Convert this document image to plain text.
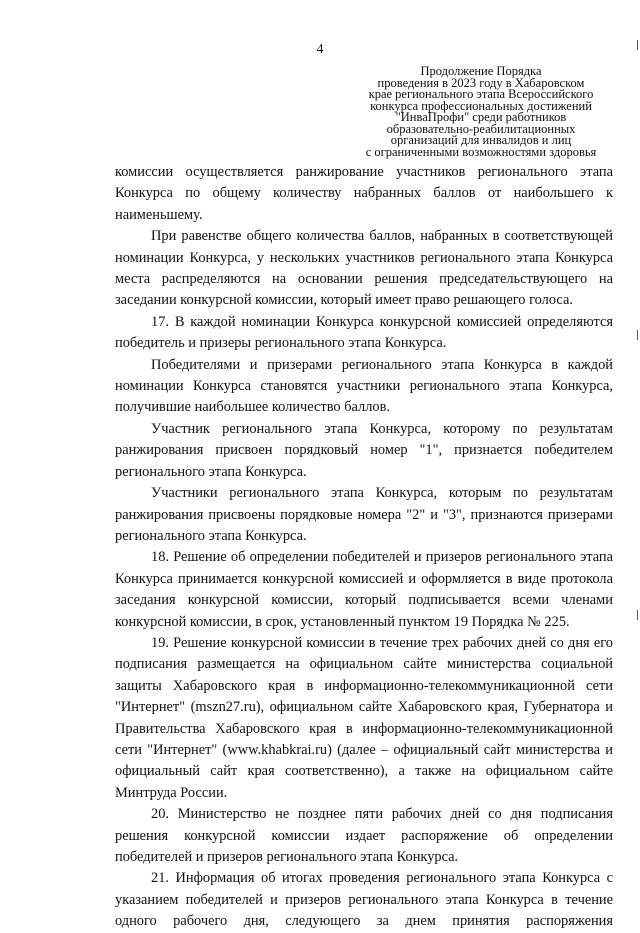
4
Продолжение Порядка
проведения в 2023 году в Хабаровском
крае регионального этапа Всероссийского
конкурса профессиональных достижений
"ИнваПрофи" среди работников
образовательно-реабилитационных
организаций для инвалидов и лиц
с ограниченными возможностями здоровья

комиссии осуществляется ранжирование участников регионального этапа Конкурса по общему количеству набранных баллов от наибольшего к наименьшему.

При равенстве общего количества баллов, набранных в соответствующей номинации Конкурса, у нескольких участников регионального этапа Конкурса места распределяются на основании решения председательствующего на заседании конкурсной комиссии, который имеет право решающего голоса.

17. В каждой номинации Конкурса конкурсной комиссией определяются победитель и призеры регионального этапа Конкурса.

Победителями и призерами регионального этапа Конкурса в каждой номинации Конкурса становятся участники регионального этапа Конкурса, получившие наибольшее количество баллов.

Участник регионального этапа Конкурса, которому по результатам ранжирования присвоен порядковый номер "1", признается победителем регионального этапа Конкурса.

Участники регионального этапа Конкурса, которым по результатам ранжирования присвоены порядковые номера "2" и "3", признаются призерами регионального этапа Конкурса.

18. Решение об определении победителей и призеров регионального этапа Конкурса принимается конкурсной комиссией и оформляется в виде протокола заседания конкурсной комиссии, который подписывается всеми членами конкурсной комиссии, в срок, установленный пунктом 19 Порядка № 225.

19. Решение конкурсной комиссии в течение трех рабочих дней со дня его подписания размещается на официальном сайте министерства социальной защиты Хабаровского края в информационно-телекоммуникационной сети "Интернет" (mszn27.ru), официальном сайте Хабаровского края, Губернатора и Правительства Хабаровского края в информационно-телекоммуникационной сети "Интернет" (www.khabkrai.ru) (далее – официальный сайт министерства и официальный сайт края соответственно), а также на официальном сайте Минтруда России.

20. Министерство не позднее пяти рабочих дней со дня подписания решения конкурсной комиссии издает распоряжение об определении победителей и призеров регионального этапа Конкурса.

21. Информация об итогах проведения регионального этапа Конкурса с указанием победителей и призеров регионального этапа Конкурса в течение одного рабочего дня, следующего за днем принятия распоряжения
